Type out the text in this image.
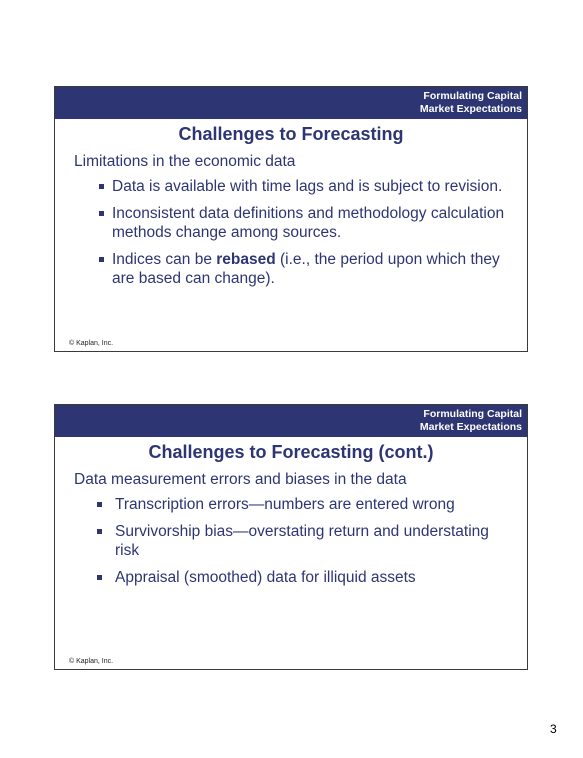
Formulating Capital
Market Expectations
Challenges to Forecasting
Limitations in the economic data
Data is available with time lags and is subject to revision.
Inconsistent data definitions and methodology calculation methods change among sources.
Indices can be rebased (i.e., the period upon which they are based can change).
© Kaplan, Inc.
Formulating Capital
Market Expectations
Challenges to Forecasting (cont.)
Data measurement errors and biases in the data
Transcription errors—numbers are entered wrong
Survivorship bias—overstating return and understating risk
Appraisal (smoothed) data for illiquid assets
© Kaplan, Inc.
3
